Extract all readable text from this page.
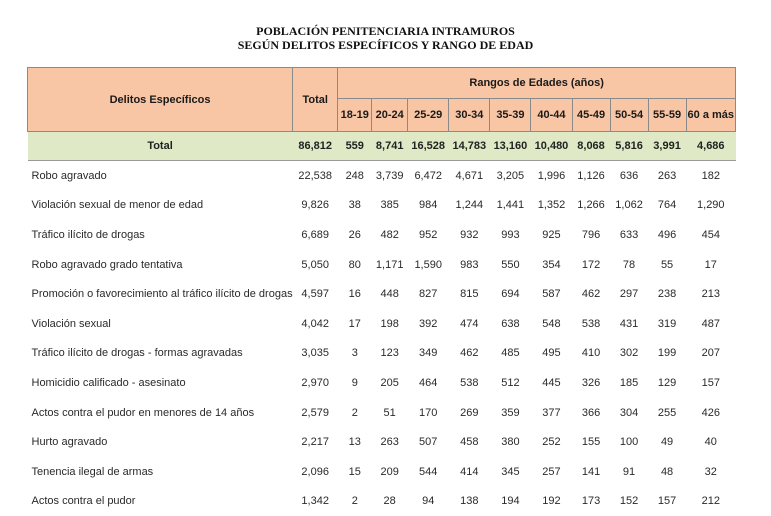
POBLACIÓN PENITENCIARIA INTRAMUROS
SEGÚN DELITOS ESPECÍFICOS Y RANGO DE EDAD
Delitos Específicos	Total	Rangos de Edades (años)									
		18-19	20-24	25-29	30-34	35-39	40-44	45-49	50-54	55-59	60 a más
Total	86,812	559	8,741	16,528	14,783	13,160	10,480	8,068	5,816	3,991	4,686
Robo agravado	22,538	248	3,739	6,472	4,671	3,205	1,996	1,126	636	263	182
Violación sexual de menor de edad	9,826	38	385	984	1,244	1,441	1,352	1,266	1,062	764	1,290
Tráfico ilícito de drogas	6,689	26	482	952	932	993	925	796	633	496	454
Robo agravado grado tentativa	5,050	80	1,171	1,590	983	550	354	172	78	55	17
Promoción o favorecimiento al tráfico ilícito de drogas	4,597	16	448	827	815	694	587	462	297	238	213
Violación sexual	4,042	17	198	392	474	638	548	538	431	319	487
Tráfico ilícito de drogas - formas agravadas	3,035	3	123	349	462	485	495	410	302	199	207
Homicidio calificado - asesinato	2,970	9	205	464	538	512	445	326	185	129	157
Actos contra el pudor en menores de 14 años	2,579	2	51	170	269	359	377	366	304	255	426
Hurto agravado	2,217	13	263	507	458	380	252	155	100	49	40
Tenencia ilegal de armas	2,096	15	209	544	414	345	257	141	91	48	32
Actos contra el pudor	1,342	2	28	94	138	194	192	173	152	157	212
